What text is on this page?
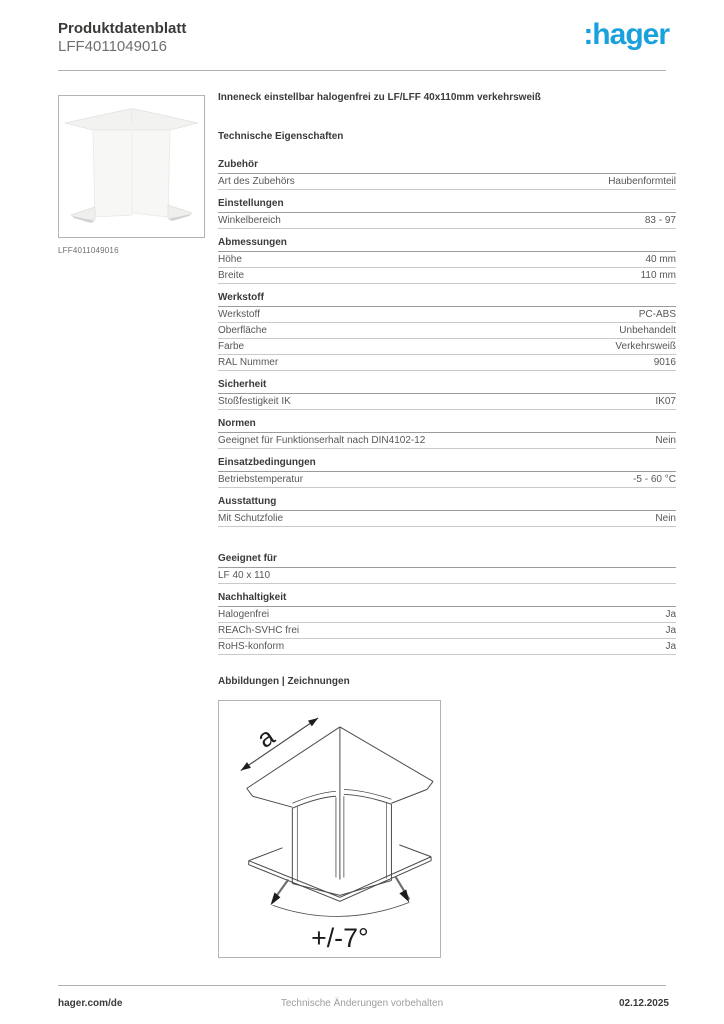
Produktdatenblatt
LFF4011049016	:hager
LFF4011049016
Inneneck einstellbar halogenfrei zu LF/LFF 40x110mm verkehrsweiß
Technische Eigenschaften
Zubehör
Art des Zubehörs	Haubenformteil
Einstellungen
Winkelbereich	83 - 97
Abmessungen
Höhe	40 mm
Breite	110 mm
Werkstoff
Werkstoff	PC-ABS
Oberfläche	Unbehandelt
Farbe	Verkehrsweiß
RAL Nummer	9016
Sicherheit
Stoßfestigkeit IK	IK07
Normen
Geeignet für Funktionserhalt nach DIN4102-12	Nein
Einsatzbedingungen
Betriebstemperatur	-5 - 60 °C
Ausstattung
Mit Schutzfolie	Nein
Geeignet für
LF 40 x 110
Nachhaltigkeit
Halogenfrei	Ja
REACh-SVHC frei	Ja
RoHS-konform	Ja
Abbildungen | Zeichnungen
a
+/-7°
hager.com/de	Technische Änderungen vorbehalten	02.12.2025
